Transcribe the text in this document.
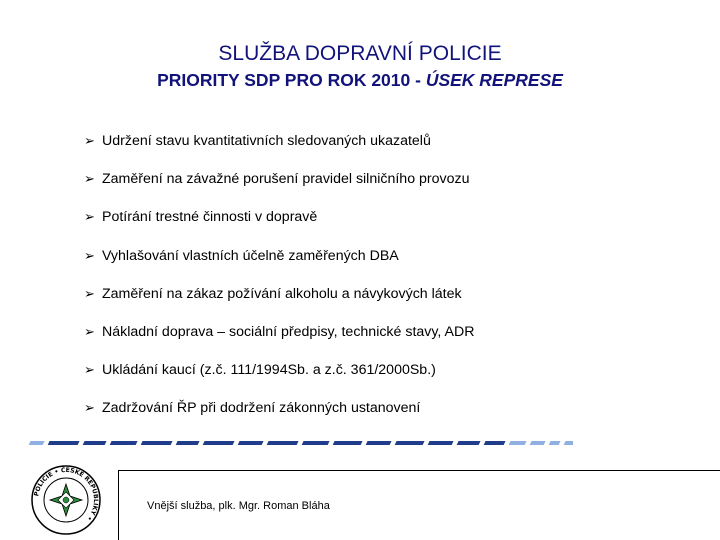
SLUŽBA DOPRAVNÍ POLICIE
PRIORITY SDP PRO ROK 2010 - ÚSEK REPRESE
➢ Udržení stavu kvantitativních sledovaných ukazatelů
➢ Zaměření na závažné porušení pravidel silničního provozu
➢ Potírání trestné činnosti v dopravě
➢ Vyhlašování vlastních účelně zaměřených DBA
➢ Zaměření na zákaz požívání alkoholu a návykových látek
➢ Nákladní doprava – sociální předpisy, technické stavy, ADR
➢ Ukládání kaucí (z.č. 111/1994Sb. a z.č. 361/2000Sb.)
➢ Zadržování ŘP při dodržení zákonných ustanovení
Vnější služba, plk. Mgr. Roman Bláha
POLICIE • ČESKÉ REPUBLIKY •
